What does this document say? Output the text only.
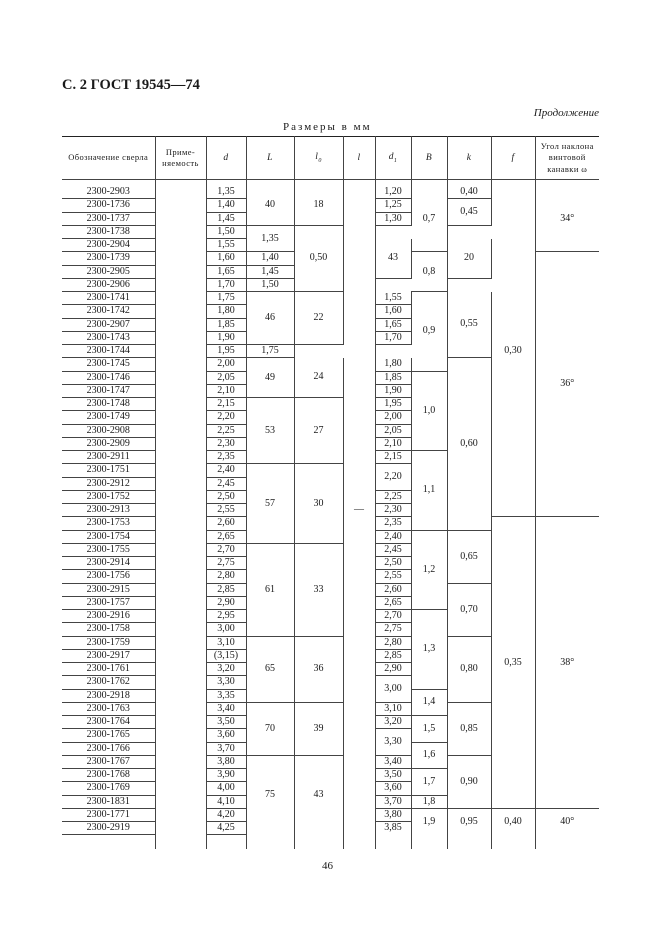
С. 2 ГОСТ 19545—74
Продолжение
Размеры в мм
Обозначение сверла	Приме-няемость	d	L	$l_0$	l	$d_1$	B	k	f	Угол наклона винтовой канавки ω

2300-2903		1,35	40	18	—	1,20	0,7	0,40	0,30	34°
2300-1736		1,40				1,25		0,45		
2300-1737		1,45				1,30				
2300-1738		1,50	1,35	0,50						
2300-2904		1,55				43		20		
2300-1739		1,60	1,40				0,8			36°
2300-2905		1,65	1,45							
2300-2906		1,70	1,50							
2300-1741		1,75	46	22		1,55	0,9	0,55		
2300-1742		1,80				1,60				
2300-2907		1,85				1,65				
2300-1743		1,90				1,70				
2300-1744		1,95	1,75							
2300-1745		2,00	49	24		1,80		0,60		
2300-1746		2,05				1,85	1,0			
2300-1747		2,10				1,90				
2300-1748		2,15	53	27		1,95				
2300-1749		2,20				2,00				
2300-2908		2,25				2,05				
2300-2909		2,30				2,10				
2300-2911		2,35				2,15	1,1			
2300-1751		2,40	57	30		2,20				
2300-2912		2,45								
2300-1752		2,50				2,25				
2300-2913		2,55				2,30				
2300-1753		2,60				2,35			0,35	38°
2300-1754		2,65				2,40	1,2	0,65		
2300-1755		2,70	61	33		2,45				
2300-2914		2,75				2,50				
2300-1756		2,80				2,55				
2300-2915		2,85				2,60		0,70		
2300-1757		2,90				2,65				
2300-2916		2,95				2,70	1,3			
2300-1758		3,00				2,75				
2300-1759		3,10	65	36		2,80		0,80		
2300-2917		(3,15)				2,85				
2300-1761		3,20				2,90				
2300-1762		3,30				3,00				
2300-2918		3,35					1,4			
2300-1763		3,40	70	39		3,10		0,85		
2300-1764		3,50				3,20	1,5			
2300-1765		3,60				3,30				
2300-1766		3,70					1,6			
2300-1767		3,80	75	43		3,40		0,90		
2300-1768		3,90				3,50	1,7			
2300-1769		4,00				3,60				
2300-1831		4,10				3,70	1,8			
2300-1771		4,20				3,80	1,9	0,95	0,40	40°
2300-2919		4,25				3,85				

46
